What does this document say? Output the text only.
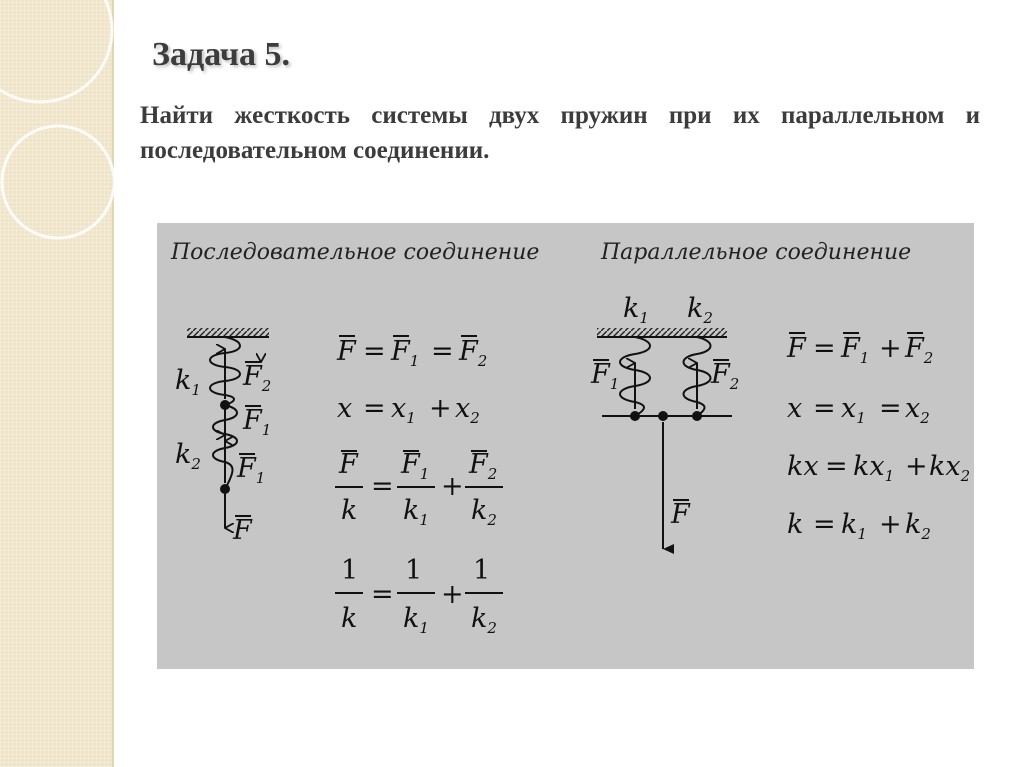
Задача 5.
Найти жесткость системы двух пружин при их параллельном и последовательном соединении.
Последовательное соединение	Параллельное соединение
$k_1$
$k_2$
$F_2$
$F_1$
$F_1$
F
$F = F_1 = F_2$
$x = x_1 + x_2$
F
k
=
$F_1$
$k_1$
+
$F_2$
$k_2$
1
k
=
1
$k_1$
+
1
$k_2$
$k_1$ $k_2$
$F_1$	$F_2$
F
$F = F_1 + F_2$
$x = x_1 = x_2$
kx = $kx_1 + kx_2$
$k = k_1 + k_2$
